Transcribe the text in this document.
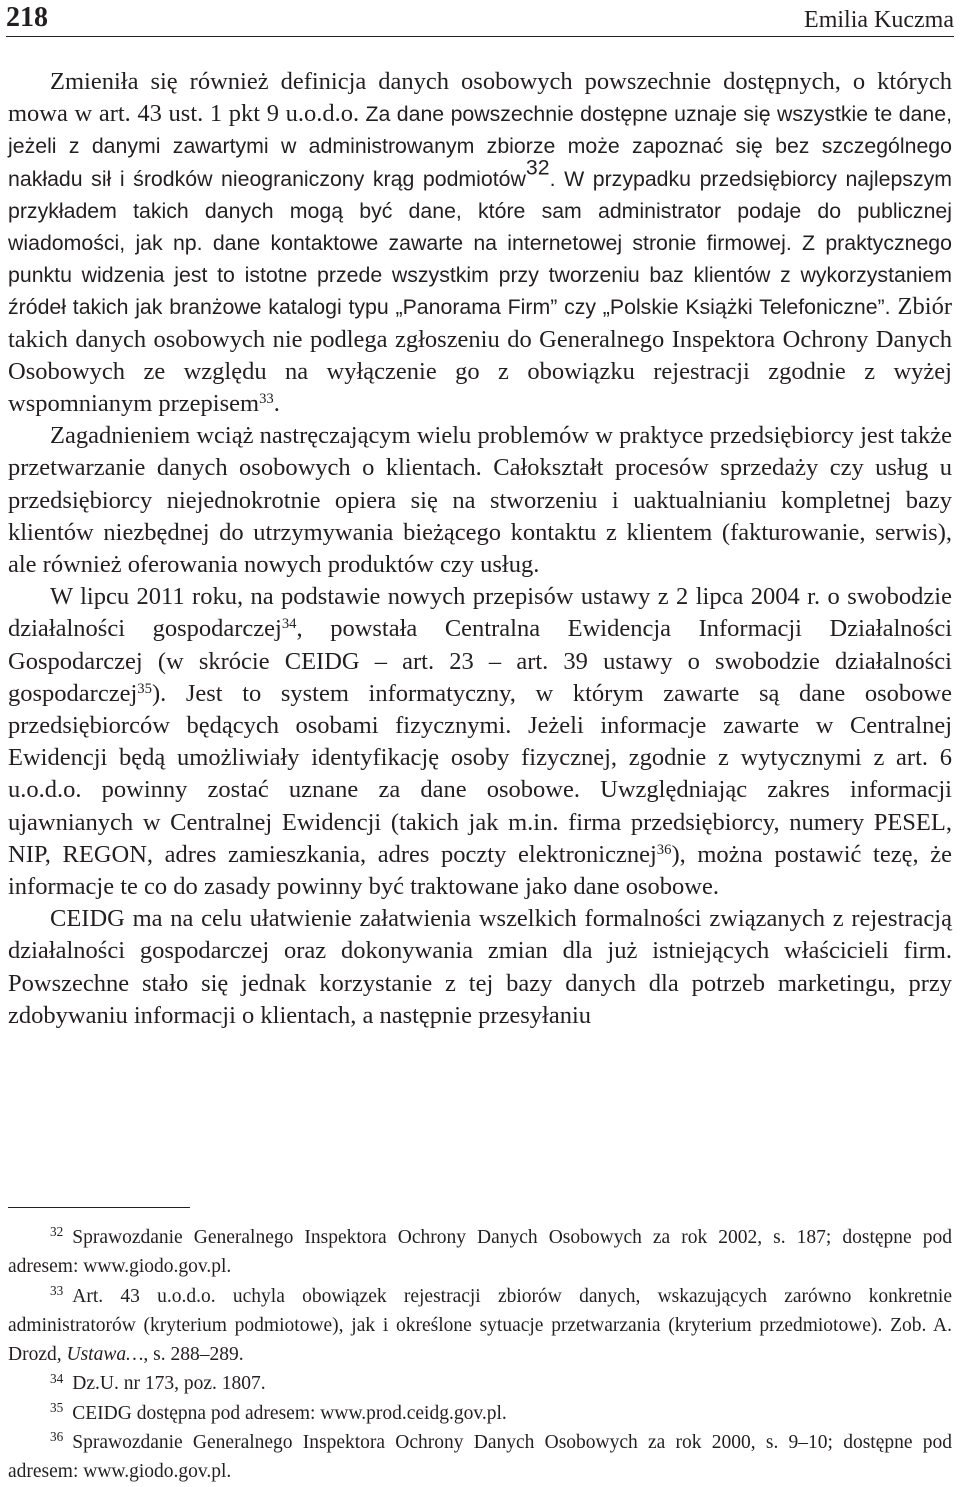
218	Emilia Kuczma

Zmieniła się również definicja danych osobowych powszechnie dostępnych, o których mowa w art. 43 ust. 1 pkt 9 u.o.d.o. Za dane powszechnie dostępne uznaje się wszystkie te dane, jeżeli z danymi zawartymi w administrowanym zbiorze może zapoznać się bez szczególnego nakładu sił i środków nieograniczony krąg podmiotów$^{32}$. W przypadku przedsiębiorcy najlepszym przykładem takich danych mogą być dane, które sam administrator podaje do publicznej wiadomości, jak np. dane kontaktowe zawarte na internetowej stronie firmowej. Z praktycznego punktu widzenia jest to istotne przede wszystkim przy tworzeniu baz klientów z wykorzystaniem źródeł takich jak branżowe katalogi typu „Panorama Firm” czy „Polskie Książki Telefoniczne”. Zbiór takich danych osobowych nie podlega zgłoszeniu do Generalnego Inspektora Ochrony Danych Osobowych ze względu na wyłączenie go z obowiązku rejestracji zgodnie z wyżej wspomnianym przepisem$^{33}$.

Zagadnieniem wciąż nastręczającym wielu problemów w praktyce przedsiębiorcy jest także przetwarzanie danych osobowych o klientach. Całokształt procesów sprzedaży czy usług u przedsiębiorcy niejednokrotnie opiera się na stworzeniu i uaktualnianiu kompletnej bazy klientów niezbędnej do utrzymywania bieżącego kontaktu z klientem (fakturowanie, serwis), ale również oferowania nowych produktów czy usług.

W lipcu 2011 roku, na podstawie nowych przepisów ustawy z 2 lipca 2004 r. o swobodzie działalności gospodarczej$^{34}$, powstała Centralna Ewidencja Informacji Działalności Gospodarczej (w skrócie CEIDG – art. 23 – art. 39 ustawy o swobodzie działalności gospodarczej$^{35}$). Jest to system informatyczny, w którym zawarte są dane osobowe przedsiębiorców będących osobami fizycznymi. Jeżeli informacje zawarte w Centralnej Ewidencji będą umożliwiały identyfikację osoby fizycznej, zgodnie z wytycznymi z art. 6 u.o.d.o. powinny zostać uznane za dane osobowe. Uwzględniając zakres informacji ujawnianych w Centralnej Ewidencji (takich jak m.in. firma przedsiębiorcy, numery PESEL, NIP, REGON, adres zamieszkania, adres poczty elektronicznej$^{36}$), można postawić tezę, że informacje te co do zasady powinny być traktowane jako dane osobowe.

CEIDG ma na celu ułatwienie załatwienia wszelkich formalności związanych z rejestracją działalności gospodarczej oraz dokonywania zmian dla już istniejących właścicieli firm. Powszechne stało się jednak korzystanie z tej bazy danych dla potrzeb marketingu, przy zdobywaniu informacji o klientach, a następnie przesyłaniu

$^{32}$ Sprawozdanie Generalnego Inspektora Ochrony Danych Osobowych za rok 2002, s. 187; dostępne pod adresem: www.giodo.gov.pl.

$^{33}$ Art. 43 u.o.d.o. uchyla obowiązek rejestracji zbiorów danych, wskazujących zarówno konkretnie administratorów (kryterium podmiotowe), jak i określone sytuacje przetwarzania (kryterium przedmiotowe). Zob. A. Drozd, Ustawa…, s. 288–289.

$^{34}$ Dz.U. nr 173, poz. 1807.

$^{35}$ CEIDG dostępna pod adresem: www.prod.ceidg.gov.pl.

$^{36}$ Sprawozdanie Generalnego Inspektora Ochrony Danych Osobowych za rok 2000, s. 9–10; dostępne pod adresem: www.giodo.gov.pl.
